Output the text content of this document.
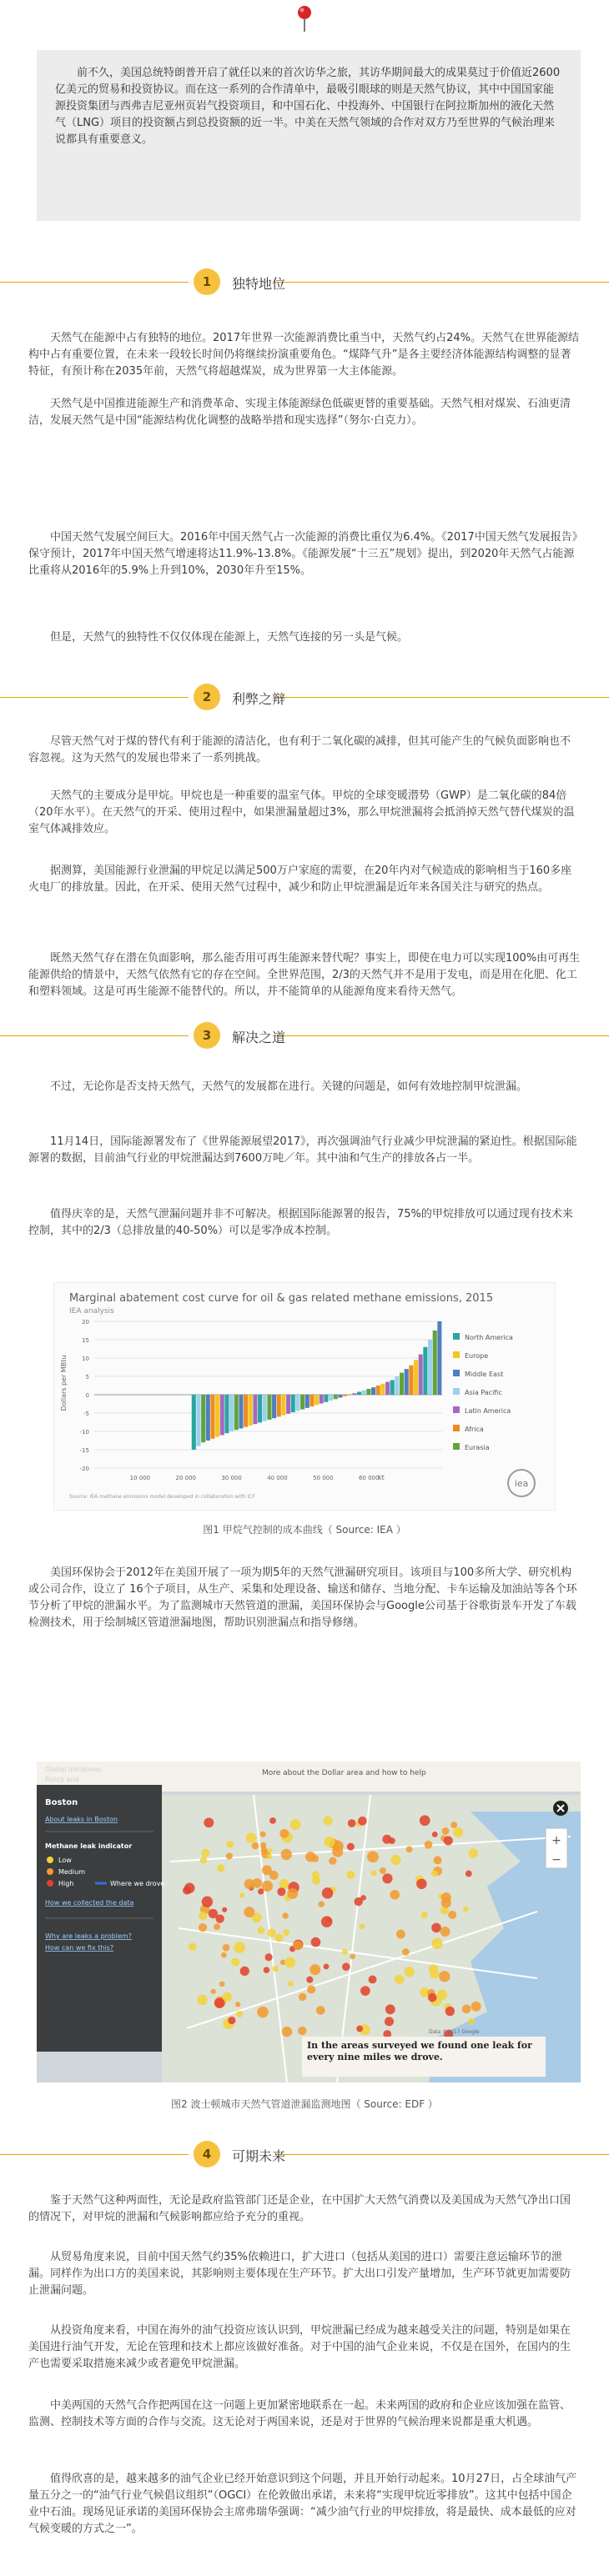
前不久，美国总统特朗普开启了就任以来的首次访华之旅，其访华期间最大的成果莫过于价值近2600亿美元的贸易和投资协议。而在这一系列的合作清单中，最吸引眼球的则是天然气协议，其中中国国家能源投资集团与西弗吉尼亚州页岩气投资项目，和中国石化、中投海外、中国银行在阿拉斯加州的液化天然气（LNG）项目的投资额占到总投资额的近一半。中美在天然气领域的合作对双方乃至世界的气候治理来说都具有重要意义。

1	独特地位

天然气在能源中占有独特的地位。2017年世界一次能源消费比重当中，天然气约占24%。天然气在世界能源结构中占有重要位置，在未来一段较长时间仍将继续扮演重要角色。“煤降气升”是各主要经济体能源结构调整的显著特征，有预计称在2035年前，天然气将超越煤炭，成为世界第一大主体能源。

天然气是中国推进能源生产和消费革命、实现主体能源绿色低碳更替的重要基础。天然气相对煤炭、石油更清洁，发展天然气是中国“能源结构优化调整的战略举措和现实选择”（努尔·白克力）。

中国天然气发展空间巨大。2016年中国天然气占一次能源的消费比重仅为6.4%。《2017中国天然气发展报告》保守预计，2017年中国天然气增速将达11.9%-13.8%。《能源发展“十三五”规划》提出，到2020年天然气占能源比重将从2016年的5.9%上升到10%，2030年升至15%。

但是，天然气的独特性不仅仅体现在能源上，天然气连接的另一头是气候。

2	利弊之辩

尽管天然气对于煤的替代有利于能源的清洁化，也有利于二氧化碳的减排，但其可能产生的气候负面影响也不容忽视。这为天然气的发展也带来了一系列挑战。

天然气的主要成分是甲烷。甲烷也是一种重要的温室气体。甲烷的全球变暖潜势（GWP）是二氧化碳的84倍（20年水平）。在天然气的开采、使用过程中，如果泄漏量超过3%，那么甲烷泄漏将会抵消掉天然气替代煤炭的温室气体减排效应。

据测算，美国能源行业泄漏的甲烷足以满足500万户家庭的需要，在20年内对气候造成的影响相当于160多座火电厂的排放量。因此，在开采、使用天然气过程中，减少和防止甲烷泄漏是近年来各国关注与研究的热点。

既然天然气存在潜在负面影响，那么能否用可再生能源来替代呢？事实上，即使在电力可以实现100%由可再生能源供给的情景中，天然气依然有它的存在空间。全世界范围，2/3的天然气并不是用于发电，而是用在化肥、化工和塑料领域。这是可再生能源不能替代的。所以，并不能简单的从能源角度来看待天然气。

3	解决之道

不过，无论你是否支持天然气，天然气的发展都在进行。关键的问题是，如何有效地控制甲烷泄漏。

11月14日，国际能源署发布了《世界能源展望2017》，再次强调油气行业减少甲烷泄漏的紧迫性。根据国际能源署的数据，目前油气行业的甲烷泄漏达到7600万吨／年。其中油和气生产的排放各占一半。

值得庆幸的是，天然气泄漏问题并非不可解决。根据国际能源署的报告，75%的甲烷排放可以通过现有技术来控制，其中的2/3（总排放量的40-50%）可以是零净成本控制。

Marginal abatement cost curve for oil & gas related methane emissions, 2015
IEA analysis
Dollars per MBtu
20
15
10
5
0
-5
-10
-15
-20
10 000	20 000	30 000	40 000	50 000	60 000
North America
Europe
Middle East
Asia Pacific
Latin America
Africa
Eurasia
kt
Source: IEA methane emissions model developed in collaboration with ICF
iea
图1 甲烷气控制的成本曲线（ Source: IEA ）

美国环保协会于2012年在美国开展了一项为期5年的天然气泄漏研究项目。该项目与100多所大学、研究机构或公司合作，设立了 16个子项目，从生产、采集和处理设备、输送和储存、当地分配、卡车运输及加油站等各个环节分析了甲烷的泄漏水平。为了监测城市天然管道的泄漏，美国环保协会与Google公司基于谷歌街景车开发了车载检测技术，用于绘制城区管道泄漏地图，帮助识别泄漏点和指导修缮。

More about the Dollar area and how to help
Global Initiatives
Policy and
Boston
About leaks in Boston
Methane leak indicator
Low
Medium
High	Where we drove
How we collected the data
Why are leaks a problem?
How can we fix this?
+
−
In the areas surveyed we found one leak for every nine miles we drove.
Data ©2017 Google
图2 波士顿城市天然气管道泄漏监测地图（ Source: EDF ）
4	可期未来

鉴于天然气这种两面性，无论是政府监管部门还是企业，在中国扩大天然气消费以及美国成为天然气净出口国的情况下，对甲烷的泄漏和气候影响都应给予充分的重视。

从贸易角度来说，目前中国天然气约35%依赖进口，扩大进口（包括从美国的进口）需要注意运输环节的泄漏。同样作为出口方的美国来说，其影响则主要体现在生产环节。扩大出口引发产量增加，生产环节就更加需要防止泄漏问题。

从投资角度来看，中国在海外的油气投资应该认识到，甲烷泄漏已经成为越来越受关注的问题，特别是如果在美国进行油气开发，无论在管理和技术上都应该做好准备。对于中国的油气企业来说，不仅是在国外，在国内的生产也需要采取措施来减少或者避免甲烷泄漏。

中美两国的天然气合作把两国在这一问题上更加紧密地联系在一起。未来两国的政府和企业应该加强在监管、监测、控制技术等方面的合作与交流。这无论对于两国来说，还是对于世界的气候治理来说都是重大机遇。

值得欣喜的是，越来越多的油气企业已经开始意识到这个问题，并且开始行动起来。10月27日，占全球油气产量五分之一的“油气行业气候倡议组织”（OGCI）在伦敦做出承诺，未来将“实现甲烷近零排放”。这其中包括中国企业中石油。现场见证承诺的美国环保协会主席弗瑞华强调：“减少油气行业的甲烷排放，将是最快、成本最低的应对气候变暖的方式之一”。
